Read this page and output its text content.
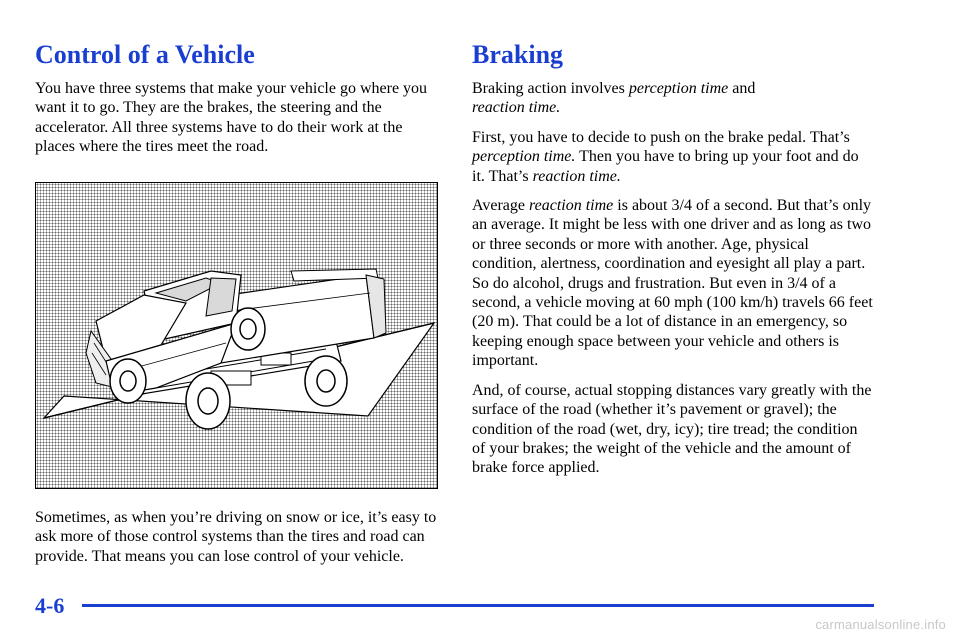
Control of a Vehicle	Braking

You have three systems that make your vehicle go where you want it to go. They are the brakes, the steering and the accelerator. All three systems have to do their work at the places where the tires meet the road.

Sometimes, as when you’re driving on snow or ice, it’s easy to ask more of those control systems than the tires and road can provide. That means you can lose control of your vehicle.

Braking action involves perception time and
reaction time.

First, you have to decide to push on the brake pedal. That’s perception time. Then you have to bring up your foot and do it. That’s reaction time.

Average reaction time is about 3/4 of a second. But that’s only an average. It might be less with one driver and as long as two or three seconds or more with another. Age, physical condition, alertness, coordination and eyesight all play a part. So do alcohol, drugs and frustration. But even in 3/4 of a second, a vehicle moving at 60 mph (100 km/h) travels 66 feet (20 m). That could be a lot of distance in an emergency, so keeping enough space between your vehicle and others is important.

And, of course, actual stopping distances vary greatly with the surface of the road (whether it’s pavement or gravel); the condition of the road (wet, dry, icy); tire tread; the condition of your brakes; the weight of the vehicle and the amount of brake force applied.

4-6
carmanualsonline.info
